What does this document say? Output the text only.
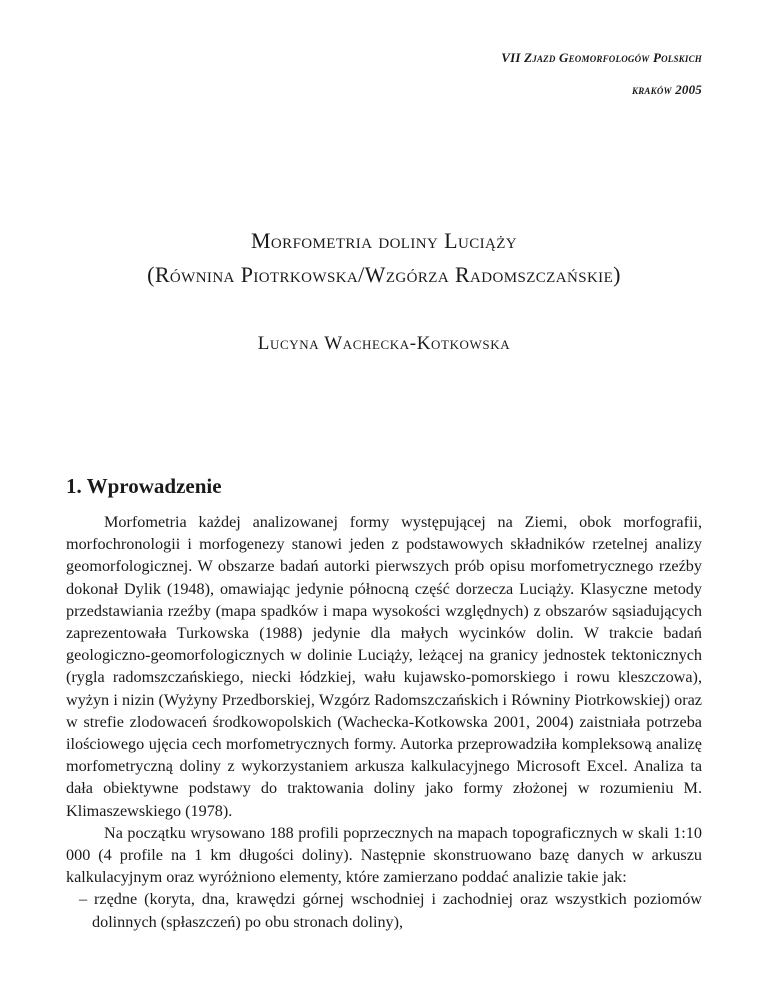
VII Zjazd Geomorfologów Polskich
kraków 2005
Morfometria doliny Luciąży
(Równina Piotrkowska/Wzgórza Radomszczańskie)
Lucyna Wachecka-Kotkowska
1. Wprowadzenie

Morfometria każdej analizowanej formy występującej na Ziemi, obok morfografii, morfochronologii i morfogenezy stanowi jeden z podstawowych składników rzetelnej analizy geomorfologicznej. W obszarze badań autorki pierwszych prób opisu morfometrycznego rzeźby dokonał Dylik (1948), omawiając jedynie północną część dorzecza Luciąży. Klasyczne metody przedstawiania rzeźby (mapa spadków i mapa wysokości względnych) z obszarów sąsiadujących zaprezentowała Turkowska (1988) jedynie dla małych wycinków dolin. W trakcie badań geologiczno-geomorfologicznych w dolinie Luciąży, leżącej na granicy jednostek tektonicznych (rygla radomszczańskiego, niecki łódzkiej, wału kujawsko-pomorskiego i rowu kleszczowa), wyżyn i nizin (Wyżyny Przedborskiej, Wzgórz Radomszczańskich i Równiny Piotrkowskiej) oraz w strefie zlodowaceń środkowopolskich (Wachecka-Kotkowska 2001, 2004) zaistniała potrzeba ilościowego ujęcia cech morfometrycznych formy. Autorka przeprowadziła kompleksową analizę morfometryczną doliny z wykorzystaniem arkusza kalkulacyjnego Microsoft Excel. Analiza ta dała obiektywne podstawy do traktowania doliny jako formy złożonej w rozumieniu M. Klimaszewskiego (1978).

Na początku wrysowano 188 profili poprzecznych na mapach topograficznych w skali 1:10 000 (4 profile na 1 km długości doliny). Następnie skonstruowano bazę danych w arkuszu kalkulacyjnym oraz wyróżniono elementy, które zamierzano poddać analizie takie jak:

– rzędne (koryta, dna, krawędzi górnej wschodniej i zachodniej oraz wszystkich poziomów dolinnych (spłaszczeń) po obu stronach doliny),
